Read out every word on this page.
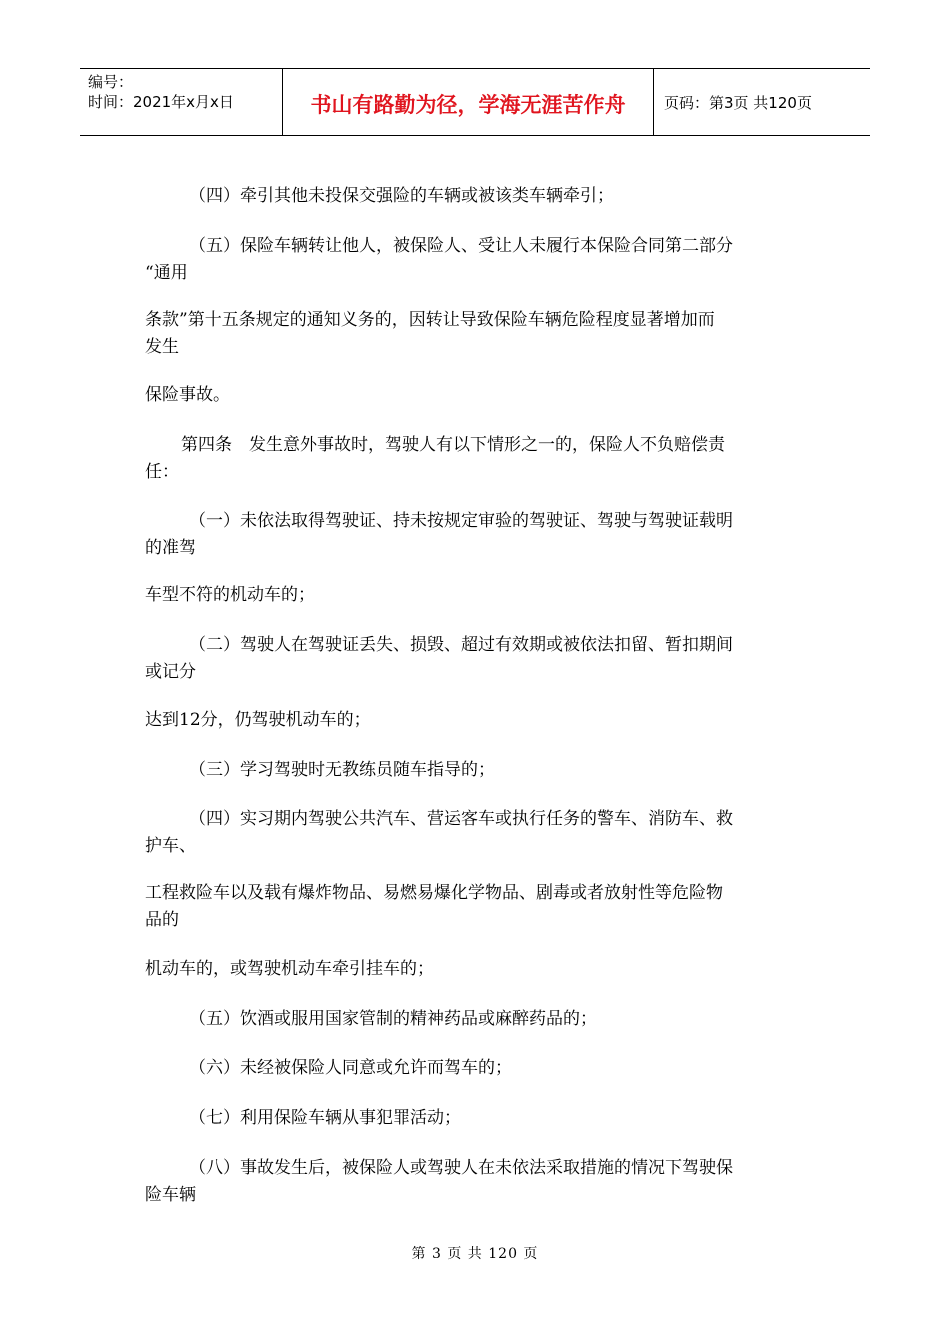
编号：
时间：2021年x月x日	书山有路勤为径，学海无涯苦作舟	页码：第3页 共120页
（四）牵引其他未投保交强险的车辆或被该类车辆牵引；
（五）保险车辆转让他人，被保险人、受让人未履行本保险合同第二部分
“通用
条款”第十五条规定的通知义务的，因转让导致保险车辆危险程度显著增加而
发生
保险事故。
第四条　发生意外事故时，驾驶人有以下情形之一的，保险人不负赔偿责
任：
（一）未依法取得驾驶证、持未按规定审验的驾驶证、驾驶与驾驶证载明
的准驾
车型不符的机动车的；
（二）驾驶人在驾驶证丢失、损毁、超过有效期或被依法扣留、暂扣期间
或记分
达到12分，仍驾驶机动车的；
（三）学习驾驶时无教练员随车指导的；
（四）实习期内驾驶公共汽车、营运客车或执行任务的警车、消防车、救
护车、
工程救险车以及载有爆炸物品、易燃易爆化学物品、剧毒或者放射性等危险物
品的
机动车的，或驾驶机动车牵引挂车的；
（五）饮酒或服用国家管制的精神药品或麻醉药品的；
（六）未经被保险人同意或允许而驾车的；
（七）利用保险车辆从事犯罪活动；
（八）事故发生后，被保险人或驾驶人在未依法采取措施的情况下驾驶保
险车辆
第 3 页 共 120 页
